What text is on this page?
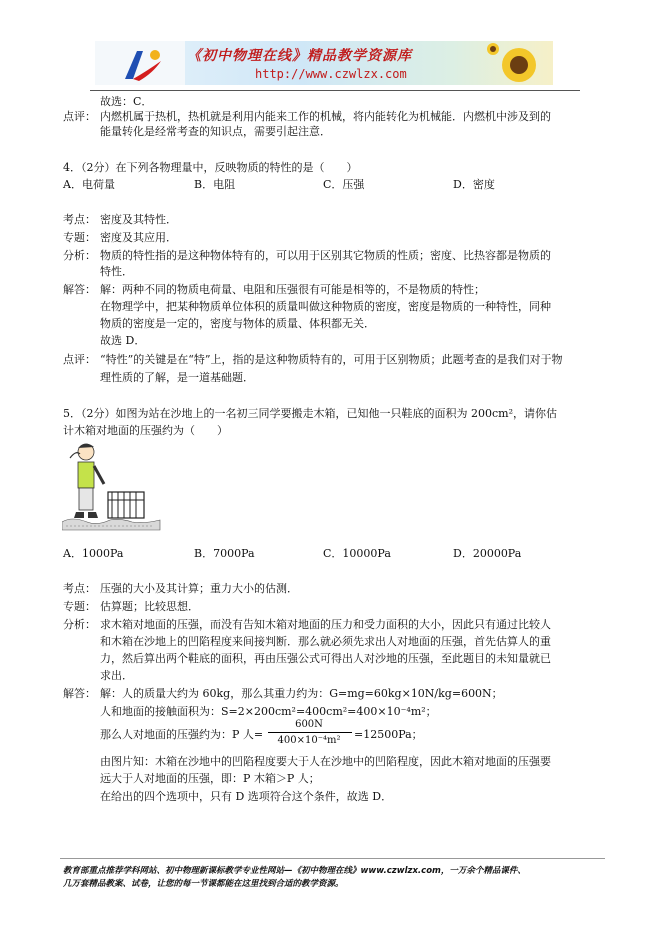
《初中物理在线》精品教学资源库
http://www.czwlzx.com
故选：C．
点评： 内燃机属于热机，热机就是利用内能来工作的机械，将内能转化为机械能．内燃机中涉及到的
能量转化是经常考查的知识点，需要引起注意．
4．（2分）在下列各物理量中，反映物质的特性的是（　　）
A．电荷量	B．电阻	C．压强	D．密度
考点： 密度及其特性．
专题： 密度及其应用．
分析： 物质的特性指的是这种物体特有的，可以用于区别其它物质的性质；密度、比热容都是物质的
特性．
解答： 解：两种不同的物质电荷量、电阻和压强很有可能是相等的，不是物质的特性；
在物理学中，把某种物质单位体积的质量叫做这种物质的密度，密度是物质的一种特性，同种
物质的密度是一定的，密度与物体的质量、体积都无关．
故选 D．
点评： “特性”的关键是在“特”上，指的是这种物质特有的，可用于区别物质；此题考查的是我们对于物
理性质的了解，是一道基础题．
5．（2分）如图为站在沙地上的一名初三同学要搬走木箱，已知他一只鞋底的面积为 200cm²，请你估
计木箱对地面的压强约为（　　）
A．1000Pa	B．7000Pa	C．10000Pa	D．20000Pa
考点： 压强的大小及其计算；重力大小的估测．
专题： 估算题；比较思想．
分析： 求木箱对地面的压强，而没有告知木箱对地面的压力和受力面积的大小，因此只有通过比较人
和木箱在沙地上的凹陷程度来间接判断．那么就必须先求出人对地面的压强，首先估算人的重
力，然后算出两个鞋底的面积，再由压强公式可得出人对沙地的压强，至此题目的未知量就已
求出．
解答： 解：人的质量大约为 60kg，那么其重力约为：G=mg=60kg×10N/kg=600N；
人和地面的接触面积为：S=2×200cm²=400cm²=400×10⁻⁴m²；
那么人对地面的压强约为：P 人=
600N
400×10⁻⁴m²	=12500Pa；
由图片知：木箱在沙地中的凹陷程度要大于人在沙地中的凹陷程度，因此木箱对地面的压强要
远大于人对地面的压强，即：P 木箱＞P 人；
在给出的四个选项中，只有 D 选项符合这个条件，故选 D．
教育部重点推荐学科网站、初中物理新课标教学专业性网站—《初中物理在线》www.czwlzx.com，一万余个精品课件、
几万套精品教案、试卷，让您的每一节课都能在这里找到合适的教学资源。
